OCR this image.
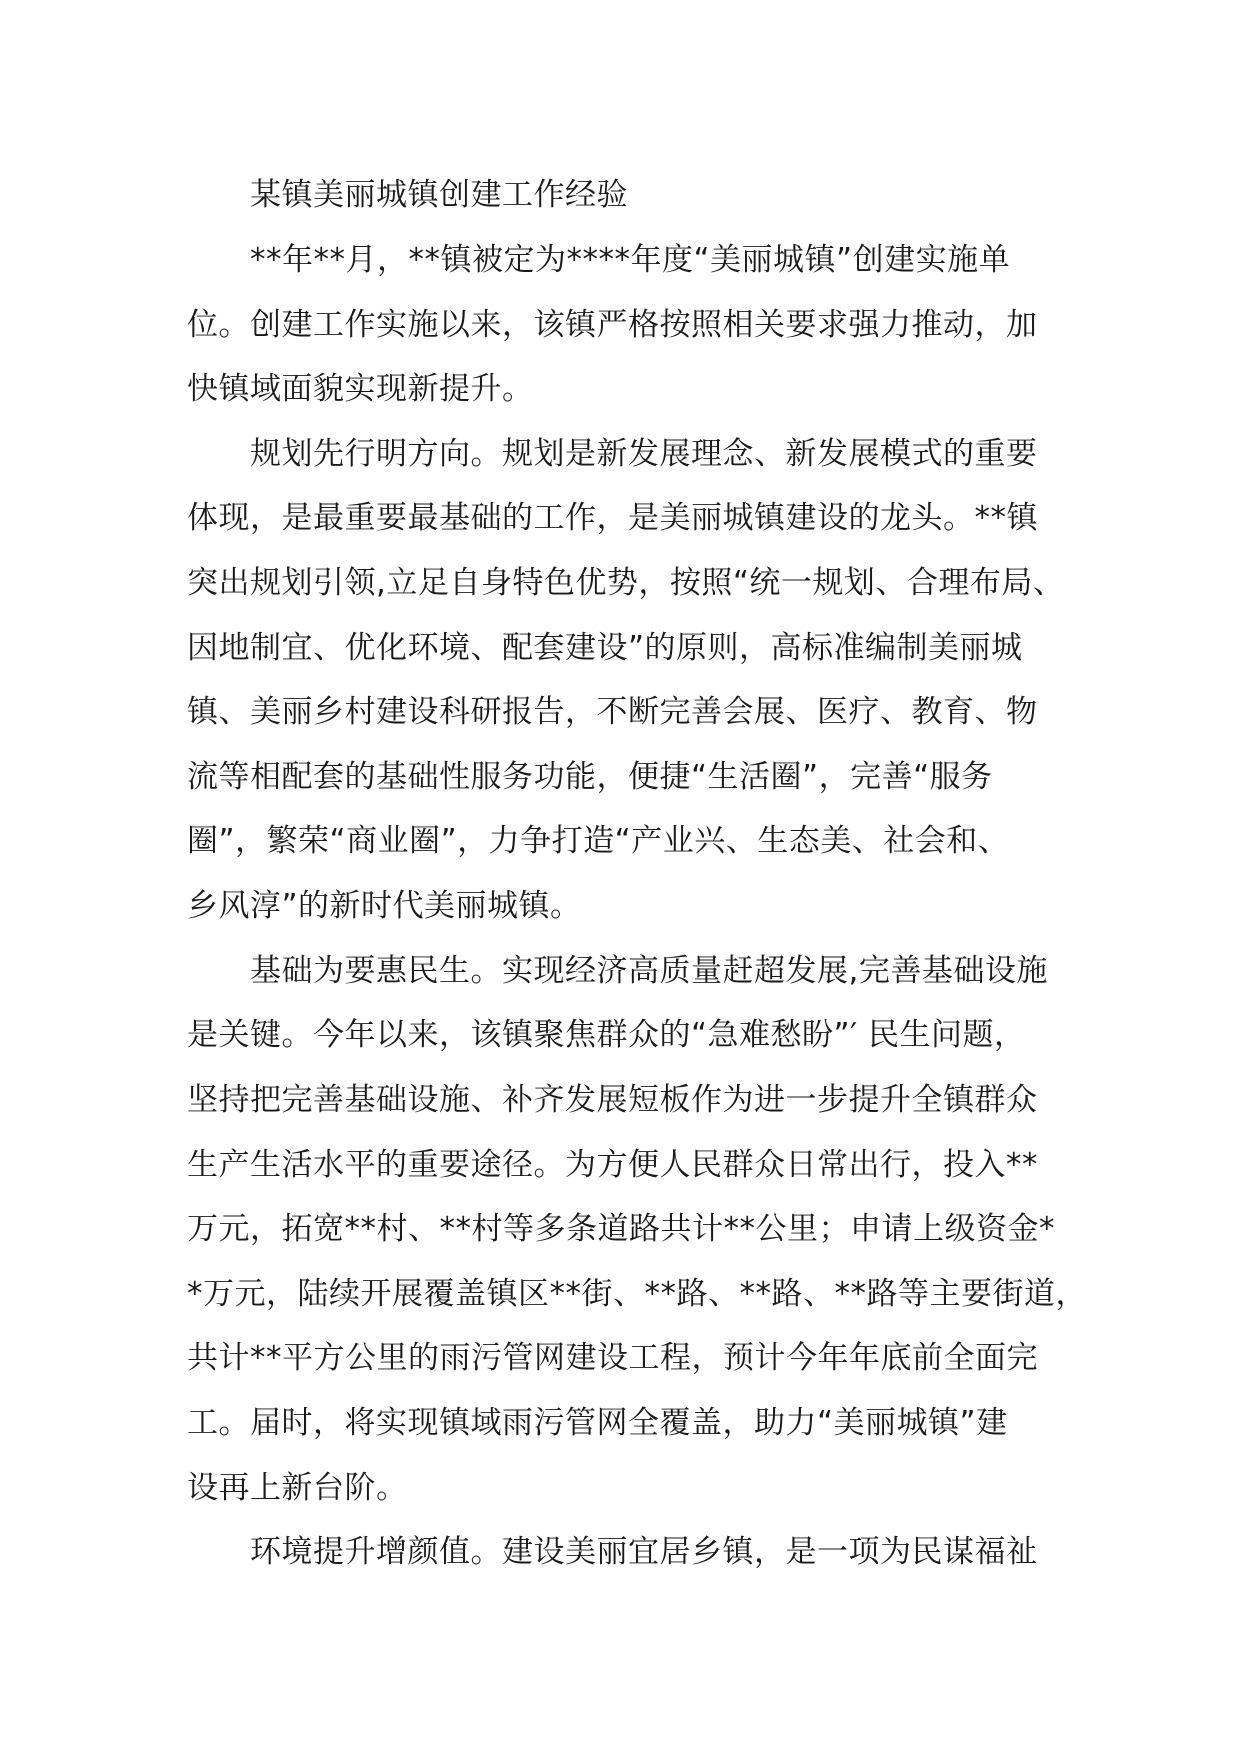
某镇美丽城镇创建工作经验
**年**月，**镇被定为****年度“美丽城镇”创建实施单
位。创建工作实施以来，该镇严格按照相关要求强力推动，加
快镇域面貌实现新提升。
规划先行明方向。规划是新发展理念、新发展模式的重要
体现，是最重要最基础的工作，是美丽城镇建设的龙头。**镇
突出规划引领,立足自身特色优势，按照“统一规划、合理布局、
因地制宜、优化环境、配套建设”的原则，高标准编制美丽城
镇、美丽乡村建设科研报告，不断完善会展、医疗、教育、物
流等相配套的基础性服务功能，便捷“生活圈”，完善“服务
圈”，繁荣“商业圈”，力争打造“产业兴、生态美、社会和、
乡风淳”的新时代美丽城镇。
基础为要惠民生。实现经济高质量赶超发展,完善基础设施
是关键。今年以来，该镇聚焦群众的“急难愁盼”′ 民生问题，
坚持把完善基础设施、补齐发展短板作为进一步提升全镇群众
生产生活水平的重要途径。为方便人民群众日常出行，投入**
万元，拓宽**村、**村等多条道路共计**公里；申请上级资金*
*万元，陆续开展覆盖镇区**街、**路、**路、**路等主要街道，
共计**平方公里的雨污管网建设工程，预计今年年底前全面完
工。届时，将实现镇域雨污管网全覆盖，助力“美丽城镇”建
设再上新台阶。
环境提升增颜值。建设美丽宜居乡镇，是一项为民谋福祉
